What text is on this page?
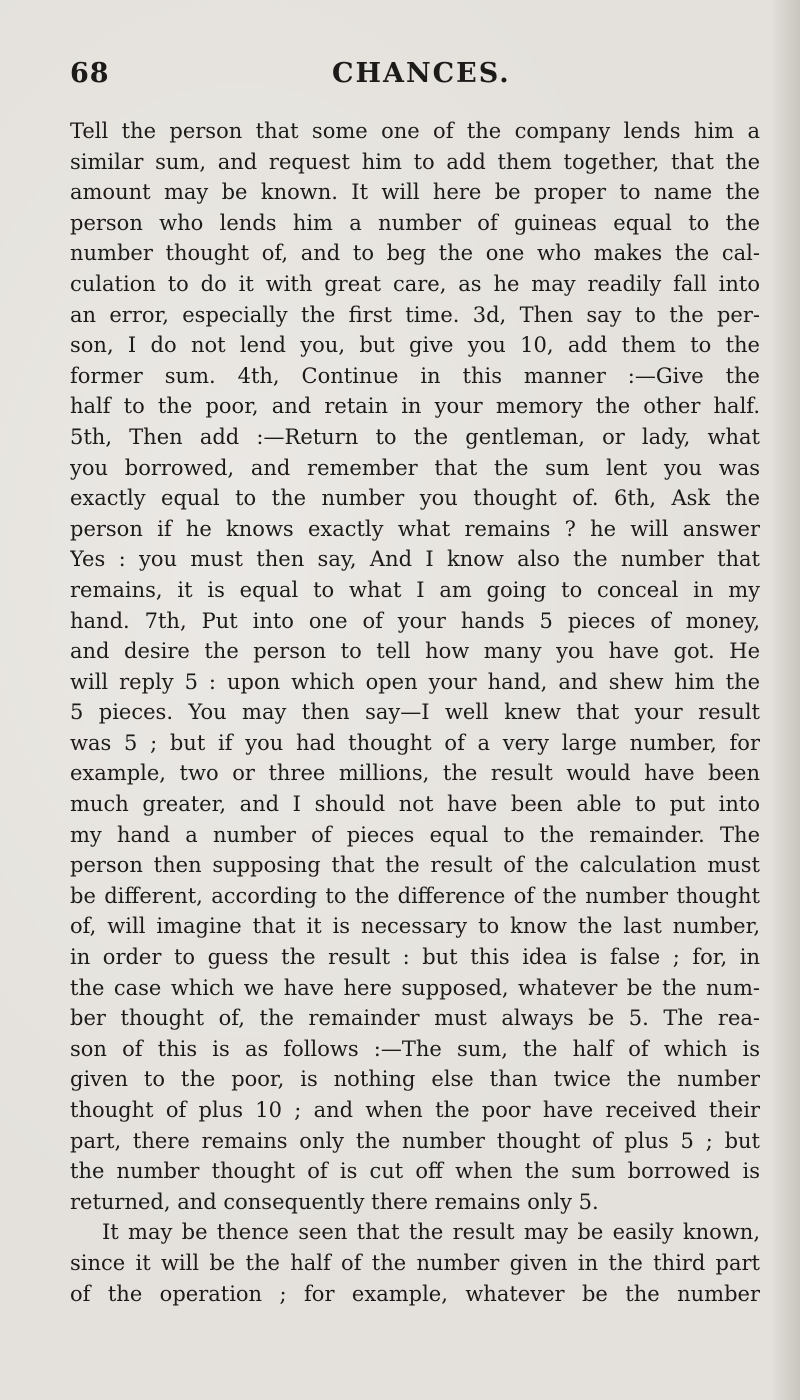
68	CHANCES.
Tell the person that some one of the company lends him a
similar sum, and request him to add them together, that the
amount may be known. It will here be proper to name the
person who lends him a number of guineas equal to the
number thought of, and to beg the one who makes the cal-
culation to do it with great care, as he may readily fall into
an error, especially the first time. 3d, Then say to the per-
son, I do not lend you, but give you 10, add them to the
former sum. 4th, Continue in this manner :—Give the
half to the poor, and retain in your memory the other half.
5th, Then add :—Return to the gentleman, or lady, what
you borrowed, and remember that the sum lent you was
exactly equal to the number you thought of. 6th, Ask the
person if he knows exactly what remains ? he will answer
Yes : you must then say, And I know also the number that
remains, it is equal to what I am going to conceal in my
hand. 7th, Put into one of your hands 5 pieces of money,
and desire the person to tell how many you have got. He
will reply 5 : upon which open your hand, and shew him the
5 pieces. You may then say—I well knew that your result
was 5 ; but if you had thought of a very large number, for
example, two or three millions, the result would have been
much greater, and I should not have been able to put into
my hand a number of pieces equal to the remainder. The
person then supposing that the result of the calculation must
be different, according to the difference of the number thought
of, will imagine that it is necessary to know the last number,
in order to guess the result : but this idea is false ; for, in
the case which we have here supposed, whatever be the num-
ber thought of, the remainder must always be 5. The rea-
son of this is as follows :—The sum, the half of which is
given to the poor, is nothing else than twice the number
thought of plus 10 ; and when the poor have received their
part, there remains only the number thought of plus 5 ; but
the number thought of is cut off when the sum borrowed is
returned, and consequently there remains only 5.
It may be thence seen that the result may be easily known,
since it will be the half of the number given in the third part
of the operation ; for example, whatever be the number
